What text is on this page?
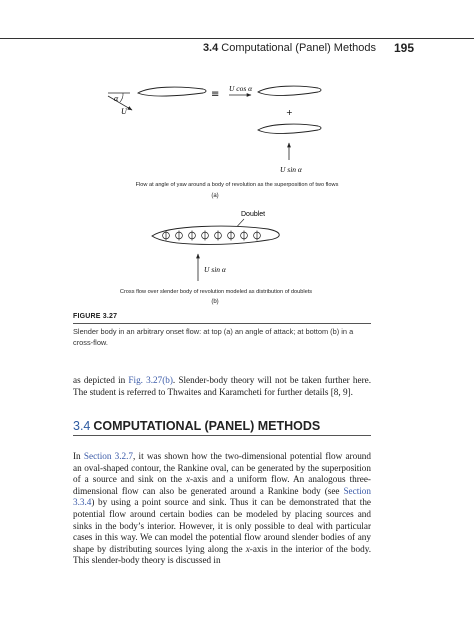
3.4 Computational (Panel) Methods 195
α
U
≡
U cos α
+
U sin α
Flow at angle of yaw around a body of revolution as the superposition of two flows
(a)
Doublet
U sin α
Cross flow over slender body of revolution modeled as distribution of doublets
(b)
FIGURE 3.27
Slender body in an arbitrary onset flow: at top (a) an angle of attack; at bottom (b) in a cross-flow.
as depicted in Fig. 3.27(b). Slender-body theory will not be taken further here. The student is referred to Thwaites and Karamcheti for further details [8, 9].
3.4 COMPUTATIONAL (PANEL) METHODS
In Section 3.2.7, it was shown how the two-dimensional potential flow around an oval-shaped contour, the Rankine oval, can be generated by the superposition of a source and sink on the x-axis and a uniform flow. An analogous three-dimensional flow can also be generated around a Rankine body (see Section 3.3.4) by using a point source and sink. Thus it can be demonstrated that the potential flow around certain bodies can be modeled by placing sources and sinks in the body’s interior. However, it is only possible to deal with particular cases in this way. We can model the potential flow around slender bodies of any shape by distributing sources lying along the x-axis in the interior of the body. This slender-body theory is discussed in
